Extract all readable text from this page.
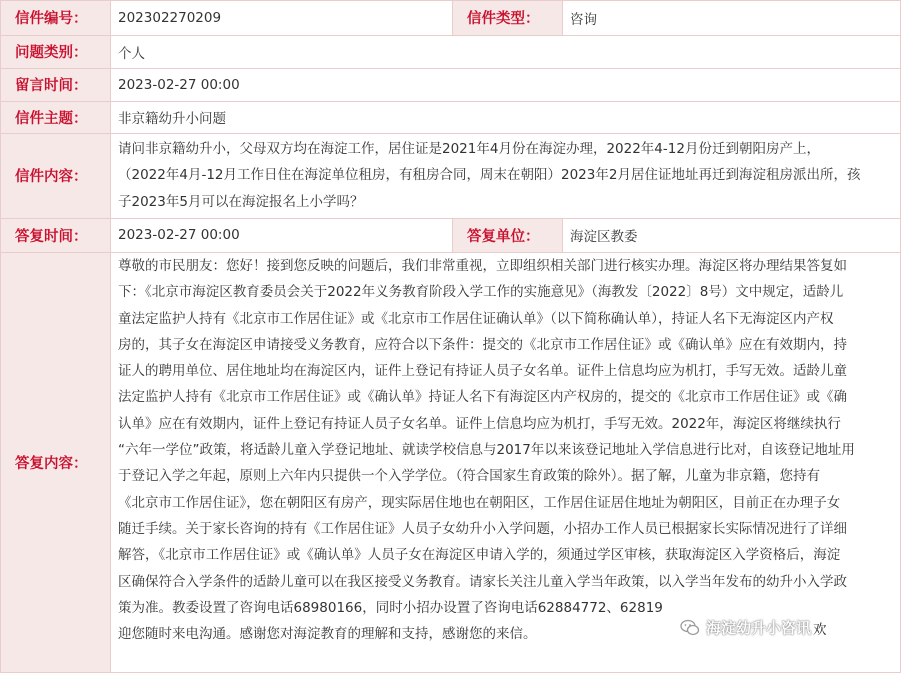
信件编号：	202302270209	信件类型：	咨询
问题类别：	个人
留言时间：	2023-02-27 00:00
信件主题：	非京籍幼升小问题
信件内容：
请问非京籍幼升小，父母双方均在海淀工作，居住证是2021年4月份在海淀办理，2022年4-12月份迁到朝阳房产上，
（2022年4月-12月工作日住在海淀单位租房，有租房合同，周末在朝阳）2023年2月居住证地址再迁到海淀租房派出所，孩
子2023年5月可以在海淀报名上小学吗？
答复时间：	2023-02-27 00:00	答复单位：	海淀区教委
答复内容：
尊敬的市民朋友：您好！接到您反映的问题后，我们非常重视，立即组织相关部门进行核实办理。海淀区将办理结果答复如
下：《北京市海淀区教育委员会关于2022年义务教育阶段入学工作的实施意见》（海教发〔2022〕8号）文中规定，适龄儿
童法定监护人持有《北京市工作居住证》或《北京市工作居住证确认单》（以下简称确认单），持证人名下无海淀区内产权
房的，其子女在海淀区申请接受义务教育，应符合以下条件：提交的《北京市工作居住证》或《确认单》应在有效期内，持
证人的聘用单位、居住地址均在海淀区内，证件上登记有持证人员子女名单。证件上信息均应为机打，手写无效。适龄儿童
法定监护人持有《北京市工作居住证》或《确认单》持证人名下有海淀区内产权房的，提交的《北京市工作居住证》或《确
认单》应在有效期内，证件上登记有持证人员子女名单。证件上信息均应为机打，手写无效。2022年，海淀区将继续执行
“六年一学位”政策，将适龄儿童入学登记地址、就读学校信息与2017年以来该登记地址入学信息进行比对，自该登记地址用
于登记入学之年起，原则上六年内只提供一个入学学位。（符合国家生育政策的除外）。据了解，儿童为非京籍，您持有
《北京市工作居住证》，您在朝阳区有房产，现实际居住地也在朝阳区，工作居住证居住地址为朝阳区，目前正在办理子女
随迁手续。关于家长咨询的持有《工作居住证》人员子女幼升小入学问题，小招办工作人员已根据家长实际情况进行了详细
解答，《北京市工作居住证》或《确认单》人员子女在海淀区申请入学的，须通过学区审核，获取海淀区入学资格后，海淀
区确保符合入学条件的适龄儿童可以在我区接受义务教育。请家长关注儿童入学当年政策，以入学当年发布的幼升小入学政
策为准。教委设置了咨询电话68980166，同时小招办设置了咨询电话62884772、62819
迎您随时来电沟通。感谢您对海淀教育的理解和支持，感谢您的来信。	海淀幼升小咨讯 欢
